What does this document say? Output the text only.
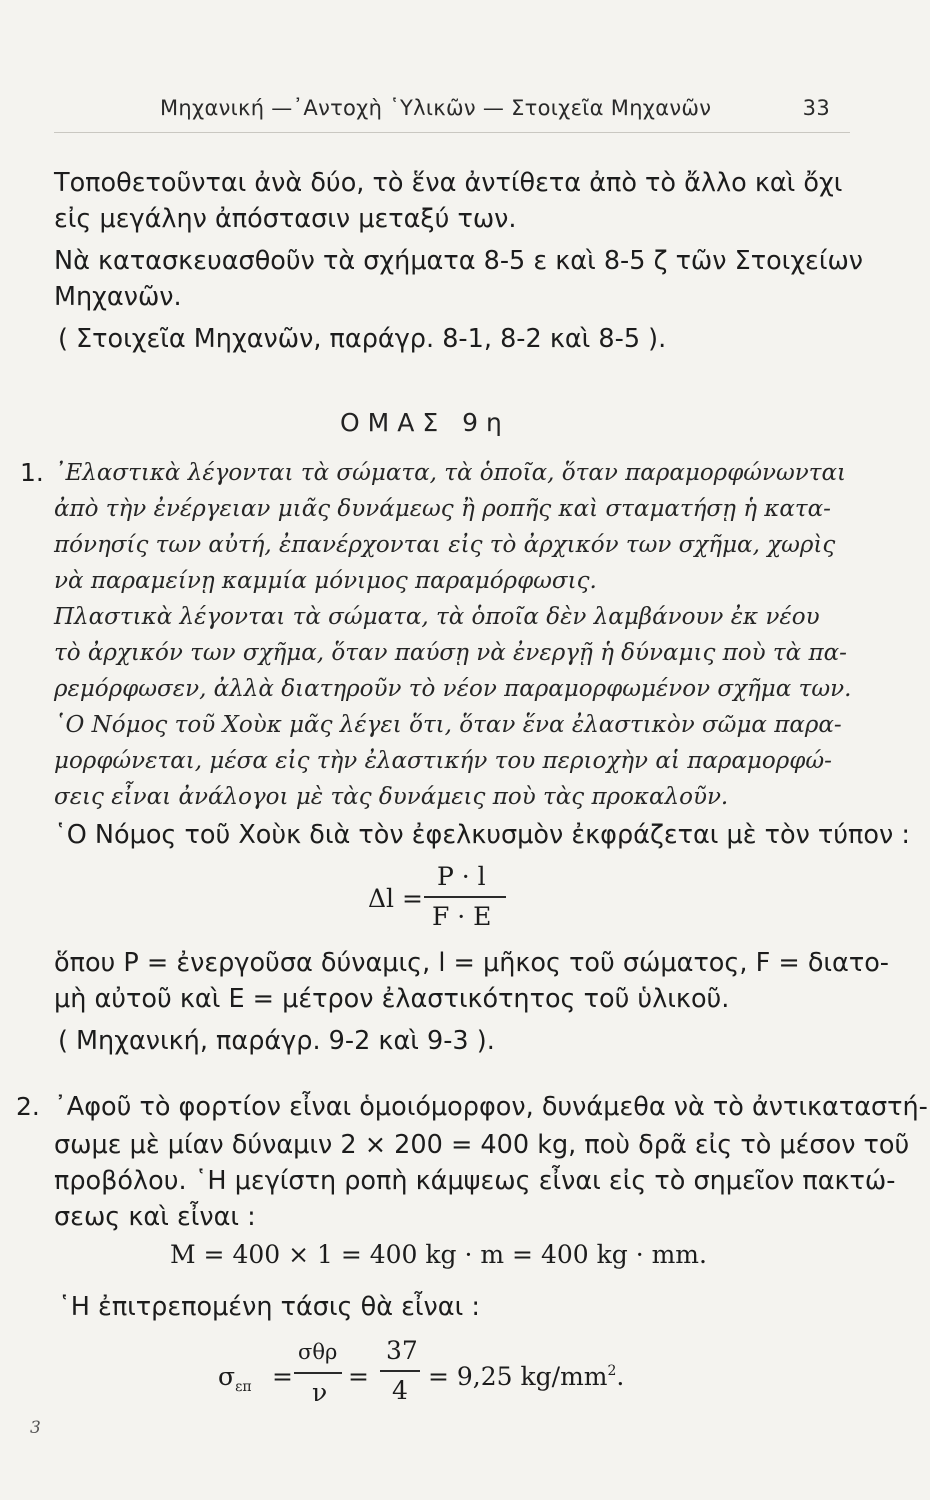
Μηχανική —᾿Αντοχὴ ῾Υλικῶν — Στοιχεῖα Μηχανῶν	33
Τοποθετοῦνται ἀνὰ δύο, τὸ ἕνα ἀντίθετα ἀπὸ τὸ ἄλλο καὶ ὄχι
εἰς μεγάλην ἀπόστασιν μεταξύ των.
Νὰ κατασκευασθοῦν τὰ σχήματα 8-5 ε καὶ 8-5 ζ τῶν Στοιχείων
Μηχανῶν.
( Στοιχεῖα Μηχανῶν, παράγρ. 8-1, 8-2 καὶ 8-5 ).
ΟΜΑΣ 9η
1. ᾿Ελαστικὰ λέγονται τὰ σώματα, τὰ ὁποῖα, ὅταν παραμορφώνωνται
ἀπὸ τὴν ἐνέργειαν μιᾶς δυνάμεως ἢ ροπῆς καὶ σταματήσῃ ἡ κατα-
πόνησίς των αὐτή, ἐπανέρχονται εἰς τὸ ἀρχικόν των σχῆμα, χωρὶς
νὰ παραμείνῃ καμμία μόνιμος παραμόρφωσις.
Πλαστικὰ λέγονται τὰ σώματα, τὰ ὁποῖα δὲν λαμβάνουν ἐκ νέου
τὸ ἀρχικόν των σχῆμα, ὅταν παύσῃ νὰ ἐνεργῇ ἡ δύναμις ποὺ τὰ πα-
ρεμόρφωσεν, ἀλλὰ διατηροῦν τὸ νέον παραμορφωμένον σχῆμα των.
῾Ο Νόμος τοῦ Χοὺκ μᾶς λέγει ὅτι, ὅταν ἕνα ἐλαστικὸν σῶμα παρα-
μορφώνεται, μέσα εἰς τὴν ἐλαστικήν του περιοχὴν αἱ παραμορφώ-
σεις εἶναι ἀνάλογοι μὲ τὰς δυνάμεις ποὺ τὰς προκαλοῦν.
῾Ο Νόμος τοῦ Χοὺκ διὰ τὸν ἐφελκυσμὸν ἐκφράζεται μὲ τὸν τύπον :
Δl =
P · l
F · E
ὅπου P = ἐνεργοῦσα δύναμις, l = μῆκος τοῦ σώματος, F = διατο-
μὴ αὐτοῦ καὶ E = μέτρον ἐλαστικότητος τοῦ ὑλικοῦ.
( Μηχανική, παράγρ. 9-2 καὶ 9-3 ).
2. ᾿Αφοῦ τὸ φορτίον εἶναι ὁμοιόμορφον, δυνάμεθα νὰ τὸ ἀντικαταστή-
σωμε μὲ μίαν δύναμιν 2 × 200 = 400 kg, ποὺ δρᾶ εἰς τὸ μέσον τοῦ
προβόλου. ῾Η μεγίστη ροπὴ κάμψεως εἶναι εἰς τὸ σημεῖον πακτώ-
σεως καὶ εἶναι :
M = 400 × 1 = 400 kg · m = 400 kg · mm.
῾Η ἐπιτρεπομένη τάσις θὰ εἶναι :
$\sigma_{\varepsilon\pi}$ =
σθρ
ν
=
37
4 = 9,25 $kg/mm^2$.
3
